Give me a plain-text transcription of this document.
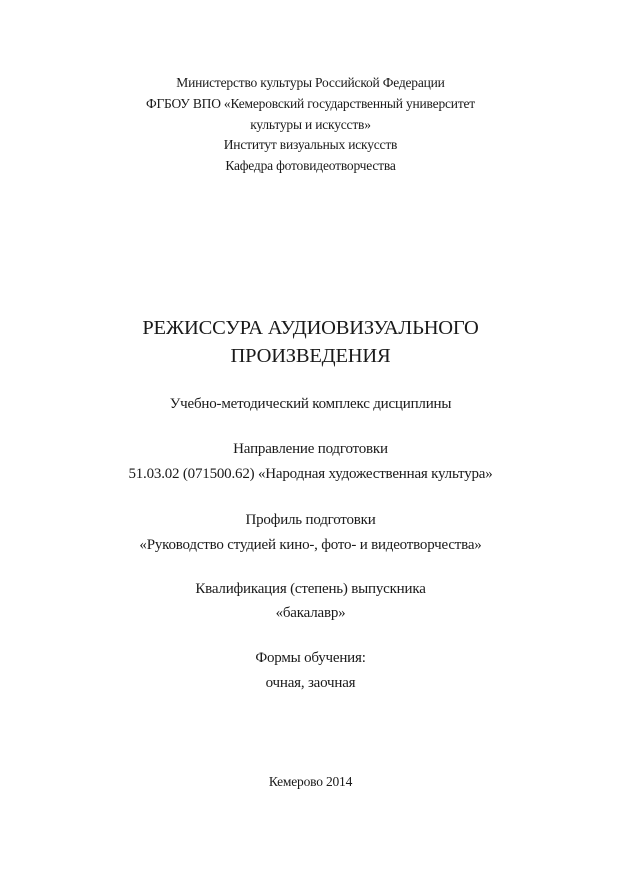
Министерство культуры Российской Федерации
ФГБОУ ВПО «Кемеровский государственный университет
культуры и искусств»
Институт визуальных искусств
Кафедра фотовидеотворчества
РЕЖИССУРА АУДИОВИЗУАЛЬНОГО
ПРОИЗВЕДЕНИЯ
Учебно-методический комплекс дисциплины
Направление подготовки
51.03.02 (071500.62) «Народная художественная культура»
Профиль подготовки
«Руководство студией кино-, фото- и видеотворчества»
Квалификация (степень) выпускника
«бакалавр»
Формы обучения:
очная, заочная
Кемерово 2014
